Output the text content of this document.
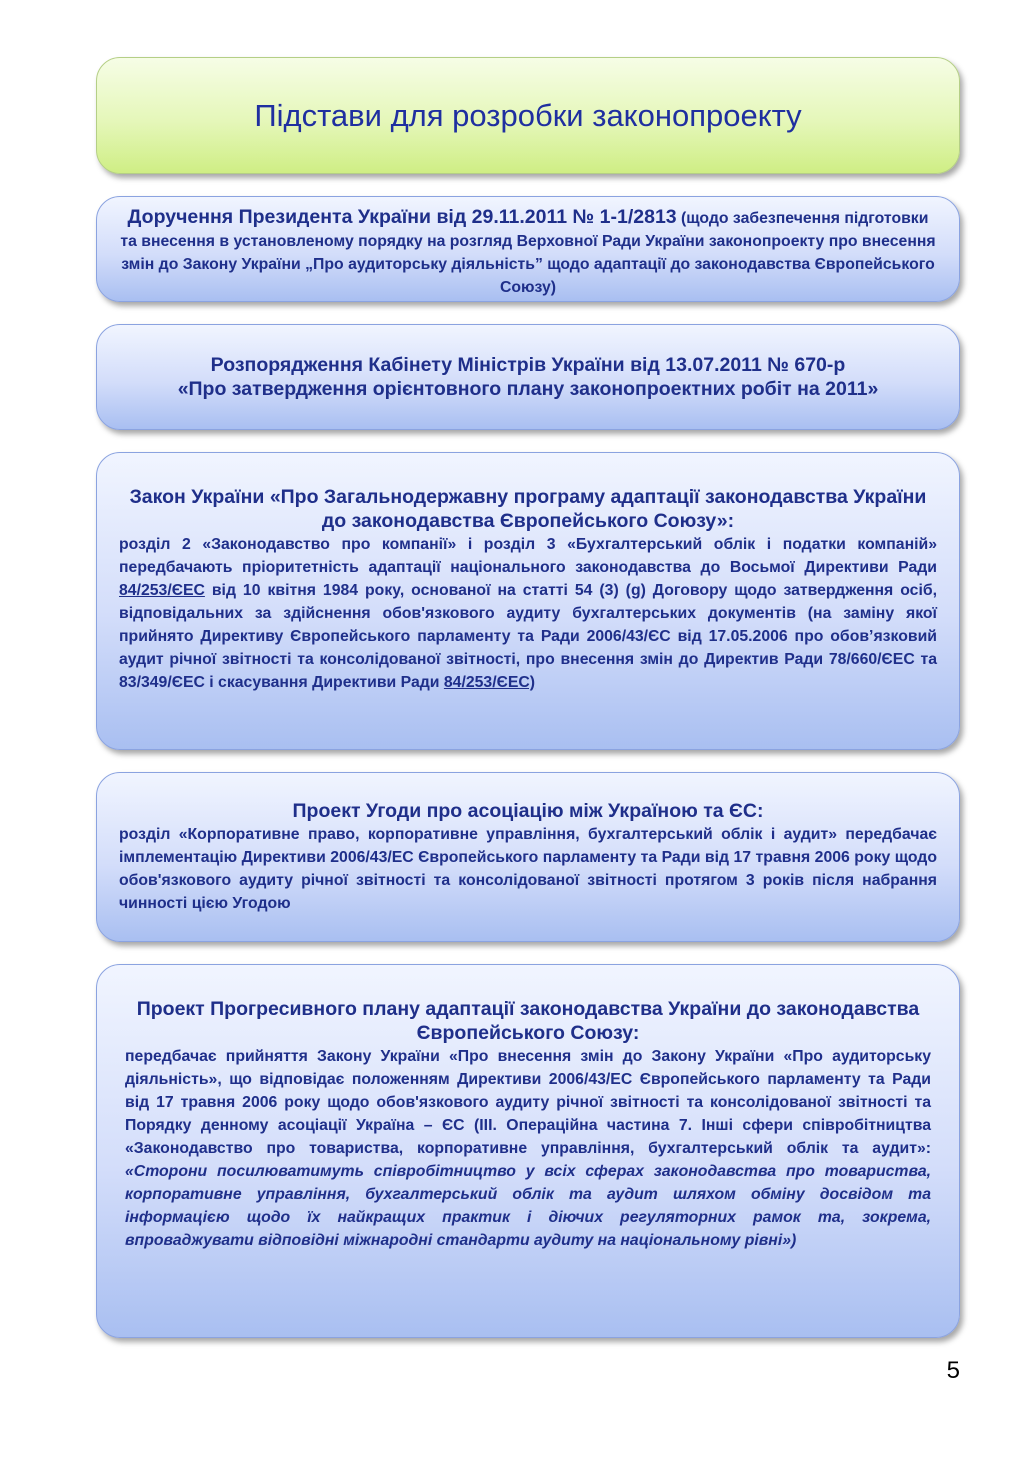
Підстави для розробки законопроекту
Доручення Президента України від 29.11.2011 № 1-1/2813 (щодо забезпечення підготовки та внесення в установленому порядку на розгляд Верховної Ради України законопроекту про внесення змін до Закону України „Про аудиторську діяльність” щодо адаптації до законодавства Європейського Союзу)
Розпорядження Кабінету Міністрів України від 13.07.2011 № 670-р
«Про затвердження орієнтовного плану законопроектних робіт на 2011»
Закон України «Про Загальнодержавну програму адаптації законодавства України до законодавства Європейського Союзу»:
розділ 2 «Законодавство про компанії» і розділ 3 «Бухгалтерський облік і податки компаній» передбачають пріоритетність адаптації національного законодавства до Восьмої Директиви Ради 84/253/ЄЕС від 10 квітня 1984 року, основаної на статті 54 (3) (g) Договору щодо затвердження осіб, відповідальних за здійснення обов'язкового аудиту бухгалтерських документів (на заміну якої прийнято Директиву Європейського парламенту та Ради 2006/43/ЄС від 17.05.2006 про обов’язковий аудит річної звітності та консолідованої звітності, про внесення змін до Директив Ради 78/660/ЄЕС та 83/349/ЄЕС і скасування Директиви Ради 84/253/ЄЕС)
Проект Угоди про асоціацію між Україною та ЄС:
розділ «Корпоративне право, корпоративне управління, бухгалтерський облік і аудит» передбачає імплементацію Директиви 2006/43/ЕС Європейського парламенту та Ради від 17 травня 2006 року щодо обов'язкового аудиту річної звітності та консолідованої звітності протягом 3 років після набрання чинності цією Угодою
Проект Прогресивного плану адаптації законодавства України до законодавства Європейського Союзу:
передбачає прийняття Закону України «Про внесення змін до Закону України «Про аудиторську діяльність», що відповідає положенням Директиви 2006/43/ЕС Європейського парламенту та Ради від 17 травня 2006 року щодо обов'язкового аудиту річної звітності та консолідованої звітності та Порядку денному асоціації Україна – ЄС (ІІІ. Операційна частина 7. Інші сфери співробітництва «Законодавство про товариства, корпоративне управління, бухгалтерський облік та аудит»: «Сторони посилюватимуть співробітництво у всіх сферах законодавства про товариства, корпоративне управління, бухгалтерський облік та аудит шляхом обміну досвідом та інформацією щодо їх найкращих практик і діючих регуляторних рамок та, зокрема, впроваджувати відповідні міжнародні стандарти аудиту на національному рівні»)
5
